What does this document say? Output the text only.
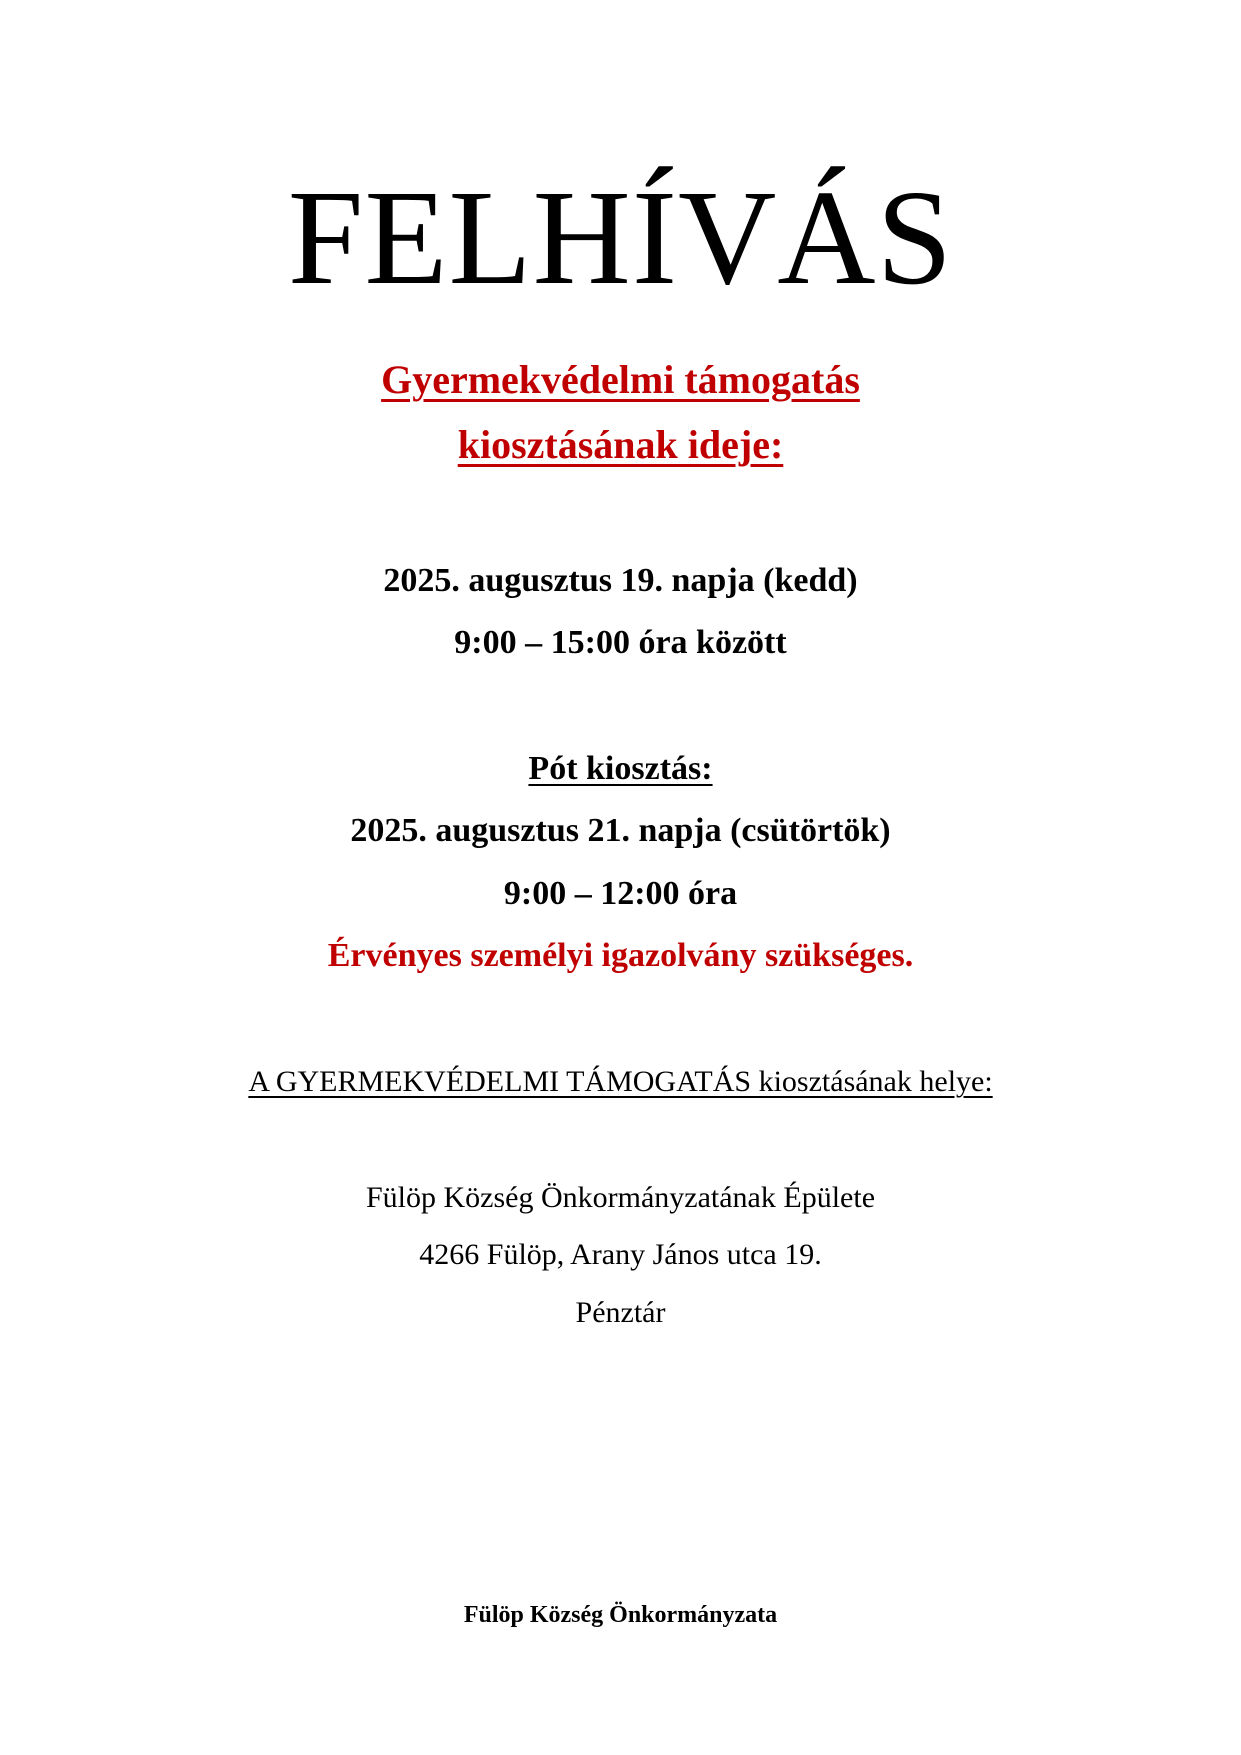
FELHÍVÁS
Gyermekvédelmi támogatás
kiosztásának ideje:
2025. augusztus 19. napja (kedd)
9:00 – 15:00 óra között
Pót kiosztás:
2025. augusztus 21. napja (csütörtök)
9:00 – 12:00 óra
Érvényes személyi igazolvány szükséges.
A GYERMEKVÉDELMI TÁMOGATÁS kiosztásának helye:
Fülöp Község Önkormányzatának Épülete
4266 Fülöp, Arany János utca 19.
Pénztár
Fülöp Község Önkormányzata
